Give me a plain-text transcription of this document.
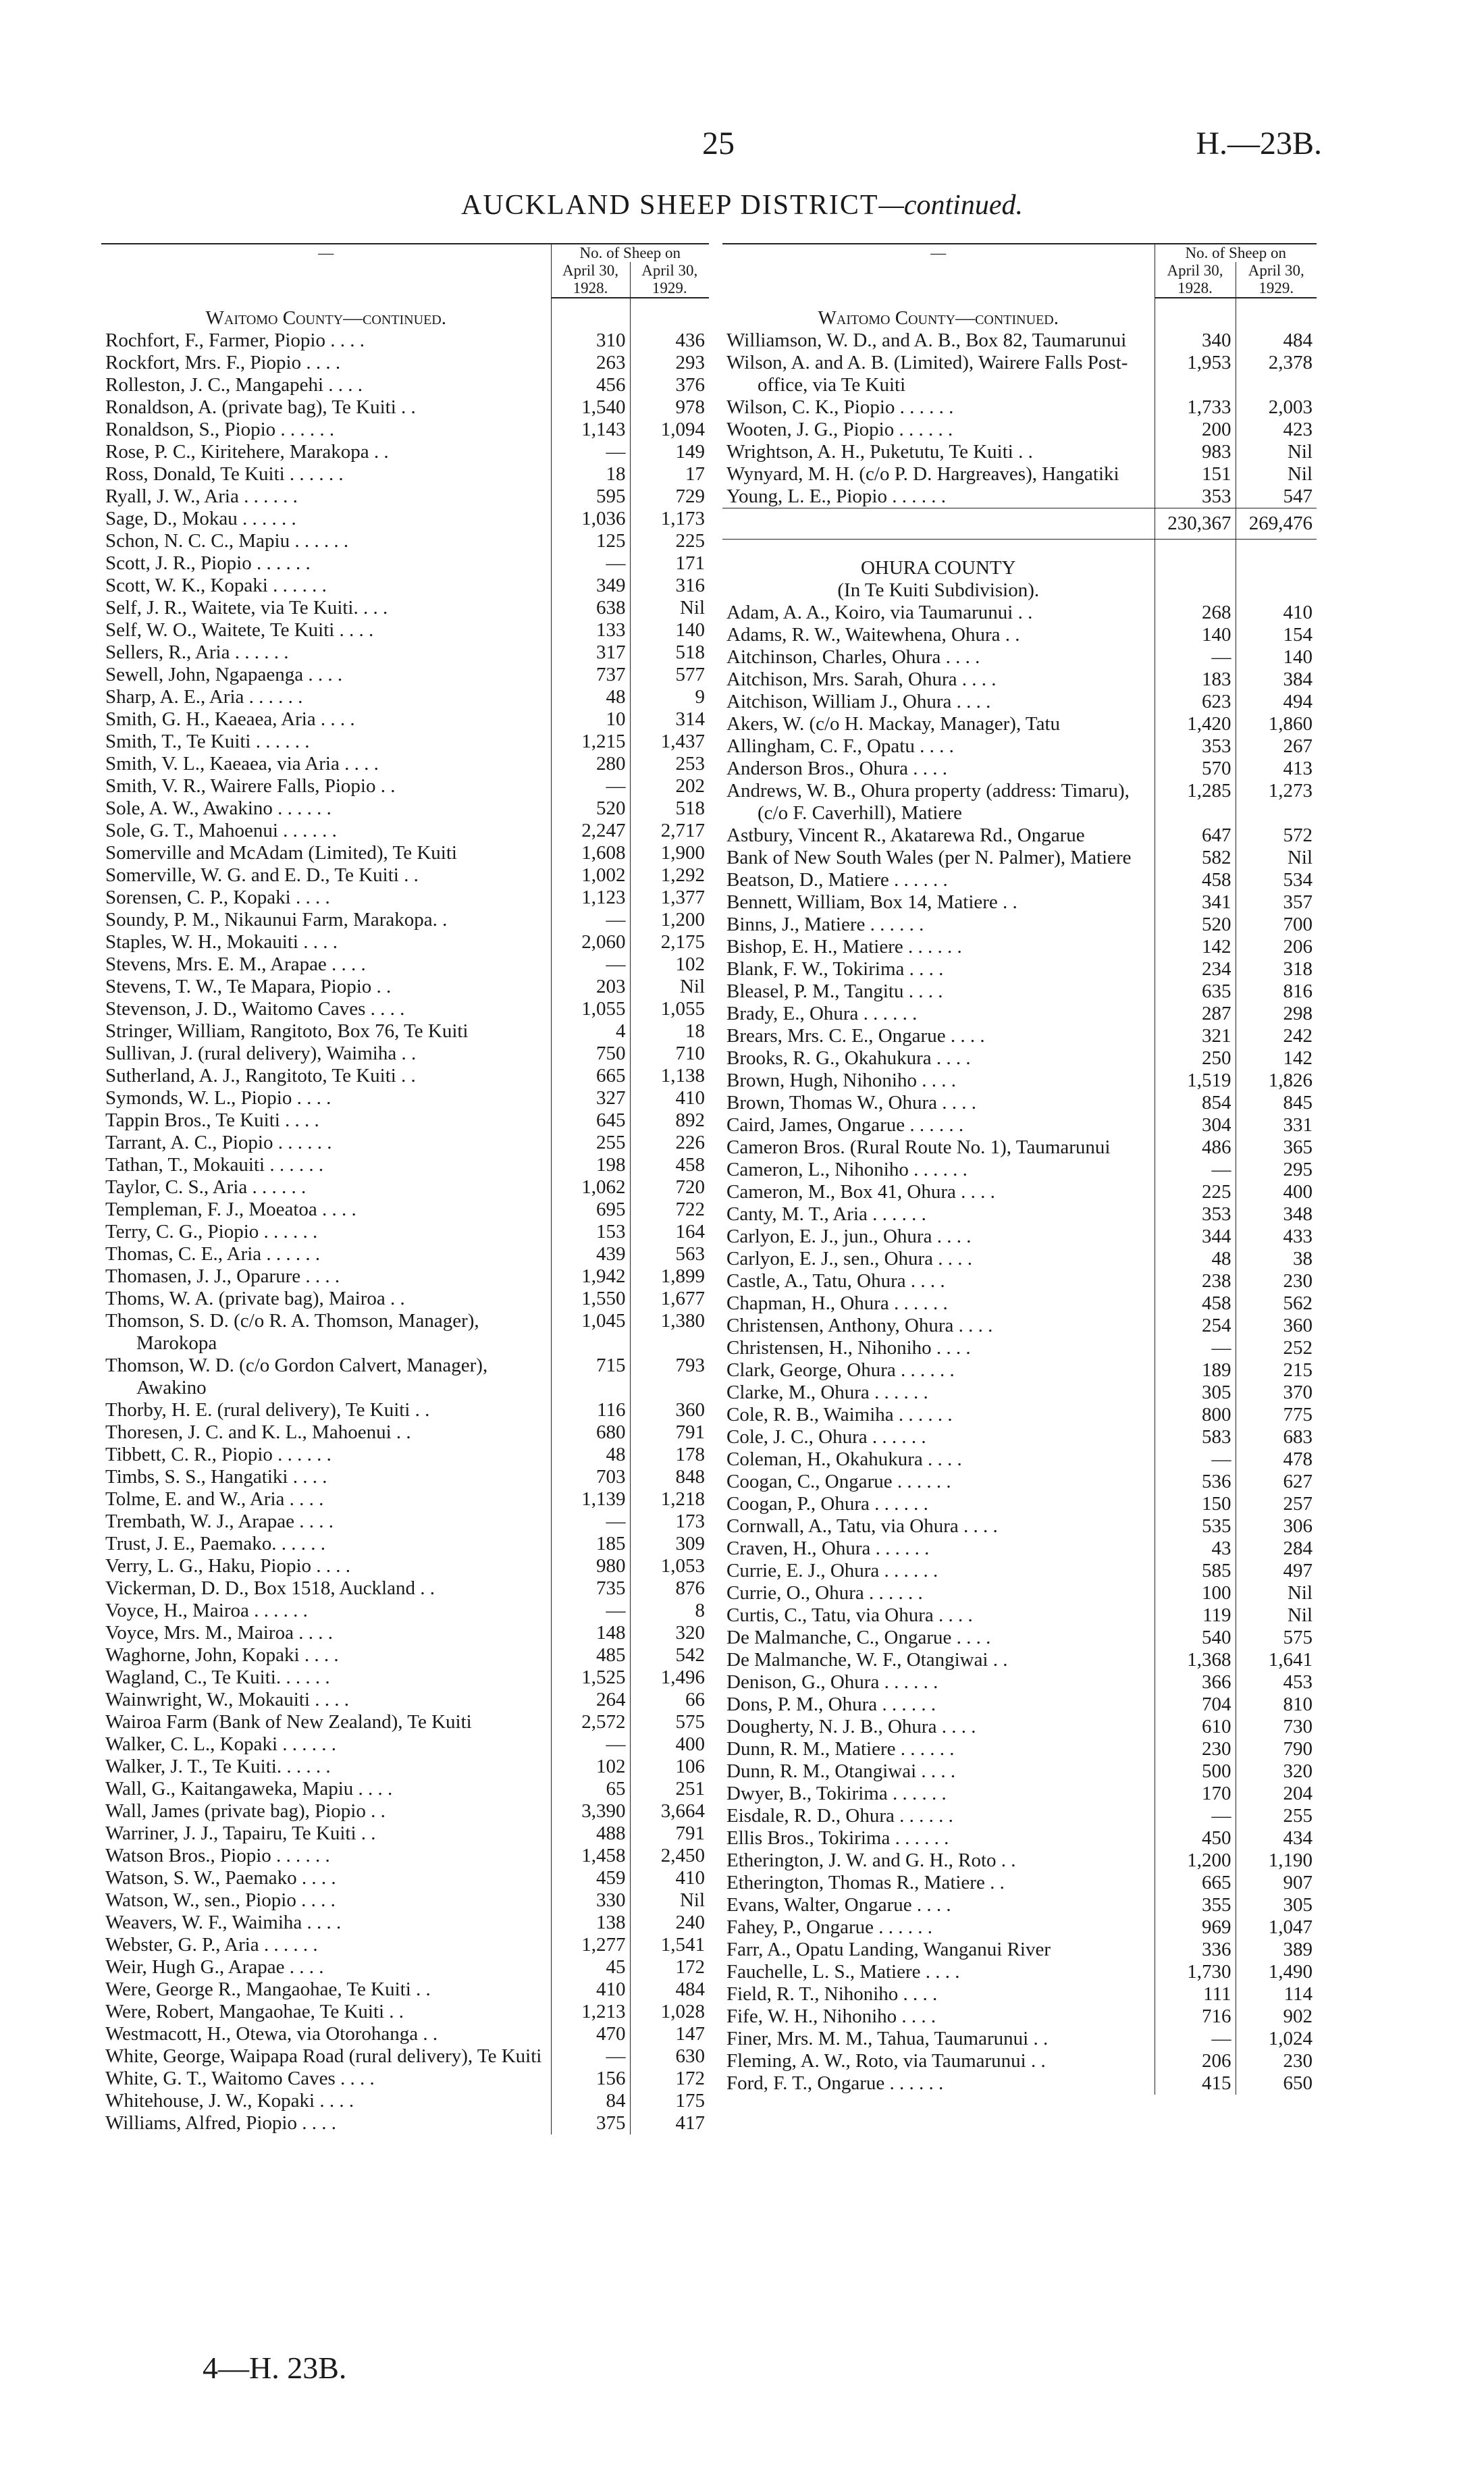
25	H.—23B.
AUCKLAND SHEEP DISTRICT—continued.
—	No. of Sheep on	
	April 30, 1928.	April 30, 1929.
Waitomo County—continued.		
Rochfort, F., Farmer, Piopio . . . .	310	436
Rockfort, Mrs. F., Piopio . . . .	263	293
Rolleston, J. C., Mangapehi . . . .	456	376
Ronaldson, A. (private bag), Te Kuiti . .	1,540	978
Ronaldson, S., Piopio . . . . . .	1,143	1,094
Rose, P. C., Kiritehere, Marakopa . .	—	149
Ross, Donald, Te Kuiti . . . . . .	18	17
Ryall, J. W., Aria . . . . . .	595	729
Sage, D., Mokau . . . . . .	1,036	1,173
Schon, N. C. C., Mapiu . . . . . .	125	225
Scott, J. R., Piopio . . . . . .	—	171
Scott, W. K., Kopaki . . . . . .	349	316
Self, J. R., Waitete, via Te Kuiti. . . .	638	Nil
Self, W. O., Waitete, Te Kuiti . . . .	133	140
Sellers, R., Aria . . . . . .	317	518
Sewell, John, Ngapaenga . . . .	737	577
Sharp, A. E., Aria . . . . . .	48	9
Smith, G. H., Kaeaea, Aria . . . .	10	314
Smith, T., Te Kuiti . . . . . .	1,215	1,437
Smith, V. L., Kaeaea, via Aria . . . .	280	253
Smith, V. R., Wairere Falls, Piopio . .	—	202
Sole, A. W., Awakino . . . . . .	520	518
Sole, G. T., Mahoenui . . . . . .	2,247	2,717
Somerville and McAdam (Limited), Te Kuiti	1,608	1,900
Somerville, W. G. and E. D., Te Kuiti . .	1,002	1,292
Sorensen, C. P., Kopaki . . . .	1,123	1,377
Soundy, P. M., Nikaunui Farm, Marakopa. .	—	1,200
Staples, W. H., Mokauiti . . . .	2,060	2,175
Stevens, Mrs. E. M., Arapae . . . .	—	102
Stevens, T. W., Te Mapara, Piopio . .	203	Nil
Stevenson, J. D., Waitomo Caves . . . .	1,055	1,055
Stringer, William, Rangitoto, Box 76, Te Kuiti	4	18
Sullivan, J. (rural delivery), Waimiha . .	750	710
Sutherland, A. J., Rangitoto, Te Kuiti . .	665	1,138
Symonds, W. L., Piopio . . . .	327	410
Tappin Bros., Te Kuiti . . . .	645	892
Tarrant, A. C., Piopio . . . . . .	255	226
Tathan, T., Mokauiti . . . . . .	198	458
Taylor, C. S., Aria . . . . . .	1,062	720
Templeman, F. J., Moeatoa . . . .	695	722
Terry, C. G., Piopio . . . . . .	153	164
Thomas, C. E., Aria . . . . . .	439	563
Thomasen, J. J., Oparure . . . .	1,942	1,899
Thoms, W. A. (private bag), Mairoa . .	1,550	1,677
Thomson, S. D. (c/o R. A. Thomson, Manager), Marokopa	1,045	1,380
Thomson, W. D. (c/o Gordon Calvert, Manager), Awakino	715	793
Thorby, H. E. (rural delivery), Te Kuiti . .	116	360
Thoresen, J. C. and K. L., Mahoenui . .	680	791
Tibbett, C. R., Piopio . . . . . .	48	178
Timbs, S. S., Hangatiki . . . .	703	848
Tolme, E. and W., Aria . . . .	1,139	1,218
Trembath, W. J., Arapae . . . .	—	173
Trust, J. E., Paemako. . . . . .	185	309
Verry, L. G., Haku, Piopio . . . .	980	1,053
Vickerman, D. D., Box 1518, Auckland . .	735	876
Voyce, H., Mairoa . . . . . .	—	8
Voyce, Mrs. M., Mairoa . . . .	148	320
Waghorne, John, Kopaki . . . .	485	542
Wagland, C., Te Kuiti. . . . . .	1,525	1,496
Wainwright, W., Mokauiti . . . .	264	66
Wairoa Farm (Bank of New Zealand), Te Kuiti	2,572	575
Walker, C. L., Kopaki . . . . . .	—	400
Walker, J. T., Te Kuiti. . . . . .	102	106
Wall, G., Kaitangaweka, Mapiu . . . .	65	251
Wall, James (private bag), Piopio . .	3,390	3,664
Warriner, J. J., Tapairu, Te Kuiti . .	488	791
Watson Bros., Piopio . . . . . .	1,458	2,450
Watson, S. W., Paemako . . . .	459	410
Watson, W., sen., Piopio . . . .	330	Nil
Weavers, W. F., Waimiha . . . .	138	240
Webster, G. P., Aria . . . . . .	1,277	1,541
Weir, Hugh G., Arapae . . . .	45	172
Were, George R., Mangaohae, Te Kuiti . .	410	484
Were, Robert, Mangaohae, Te Kuiti . .	1,213	1,028
Westmacott, H., Otewa, via Otorohanga . .	470	147
White, George, Waipapa Road (rural delivery), Te Kuiti	—	630
White, G. T., Waitomo Caves . . . .	156	172
Whitehouse, J. W., Kopaki . . . .	84	175
Williams, Alfred, Piopio . . . .	375	417
—	No. of Sheep on	
	April 30, 1928.	April 30, 1929.
Waitomo County—continued.		
Williamson, W. D., and A. B., Box 82, Taumarunui	340	484
Wilson, A. and A. B. (Limited), Wairere Falls Post-office, via Te Kuiti	1,953	2,378
Wilson, C. K., Piopio . . . . . .	1,733	2,003
Wooten, J. G., Piopio . . . . . .	200	423
Wrightson, A. H., Puketutu, Te Kuiti . .	983	Nil
Wynyard, M. H. (c/o P. D. Hargreaves), Hangatiki	151	Nil
Young, L. E., Piopio . . . . . .	353	547
	230,367	269,476

OHURA COUNTY		
(In Te Kuiti Subdivision).		
Adam, A. A., Koiro, via Taumarunui . .	268	410
Adams, R. W., Waitewhena, Ohura . .	140	154
Aitchinson, Charles, Ohura . . . .	—	140
Aitchison, Mrs. Sarah, Ohura . . . .	183	384
Aitchison, William J., Ohura . . . .	623	494
Akers, W. (c/o H. Mackay, Manager), Tatu	1,420	1,860
Allingham, C. F., Opatu . . . .	353	267
Anderson Bros., Ohura . . . .	570	413
Andrews, W. B., Ohura property (address: Timaru), (c/o F. Caverhill), Matiere	1,285	1,273
Astbury, Vincent R., Akatarewa Rd., Ongarue	647	572
Bank of New South Wales (per N. Palmer), Matiere	582	Nil
Beatson, D., Matiere . . . . . .	458	534
Bennett, William, Box 14, Matiere . .	341	357
Binns, J., Matiere . . . . . .	520	700
Bishop, E. H., Matiere . . . . . .	142	206
Blank, F. W., Tokirima . . . .	234	318
Bleasel, P. M., Tangitu . . . .	635	816
Brady, E., Ohura . . . . . .	287	298
Brears, Mrs. C. E., Ongarue . . . .	321	242
Brooks, R. G., Okahukura . . . .	250	142
Brown, Hugh, Nihoniho . . . .	1,519	1,826
Brown, Thomas W., Ohura . . . .	854	845
Caird, James, Ongarue . . . . . .	304	331
Cameron Bros. (Rural Route No. 1), Taumarunui	486	365
Cameron, L., Nihoniho . . . . . .	—	295
Cameron, M., Box 41, Ohura . . . .	225	400
Canty, M. T., Aria . . . . . .	353	348
Carlyon, E. J., jun., Ohura . . . .	344	433
Carlyon, E. J., sen., Ohura . . . .	48	38
Castle, A., Tatu, Ohura . . . .	238	230
Chapman, H., Ohura . . . . . .	458	562
Christensen, Anthony, Ohura . . . .	254	360
Christensen, H., Nihoniho . . . .	—	252
Clark, George, Ohura . . . . . .	189	215
Clarke, M., Ohura . . . . . .	305	370
Cole, R. B., Waimiha . . . . . .	800	775
Cole, J. C., Ohura . . . . . .	583	683
Coleman, H., Okahukura . . . .	—	478
Coogan, C., Ongarue . . . . . .	536	627
Coogan, P., Ohura . . . . . .	150	257
Cornwall, A., Tatu, via Ohura . . . .	535	306
Craven, H., Ohura . . . . . .	43	284
Currie, E. J., Ohura . . . . . .	585	497
Currie, O., Ohura . . . . . .	100	Nil
Curtis, C., Tatu, via Ohura . . . .	119	Nil
De Malmanche, C., Ongarue . . . .	540	575
De Malmanche, W. F., Otangiwai . .	1,368	1,641
Denison, G., Ohura . . . . . .	366	453
Dons, P. M., Ohura . . . . . .	704	810
Dougherty, N. J. B., Ohura . . . .	610	730
Dunn, R. M., Matiere . . . . . .	230	790
Dunn, R. M., Otangiwai . . . .	500	320
Dwyer, B., Tokirima . . . . . .	170	204
Eisdale, R. D., Ohura . . . . . .	—	255
Ellis Bros., Tokirima . . . . . .	450	434
Etherington, J. W. and G. H., Roto . .	1,200	1,190
Etherington, Thomas R., Matiere . .	665	907
Evans, Walter, Ongarue . . . .	355	305
Fahey, P., Ongarue . . . . . .	969	1,047
Farr, A., Opatu Landing, Wanganui River	336	389
Fauchelle, L. S., Matiere . . . .	1,730	1,490
Field, R. T., Nihoniho . . . .	111	114
Fife, W. H., Nihoniho . . . .	716	902
Finer, Mrs. M. M., Tahua, Taumarunui . .	—	1,024
Fleming, A. W., Roto, via Taumarunui . .	206	230
Ford, F. T., Ongarue . . . . . .	415	650
4—H. 23B.
